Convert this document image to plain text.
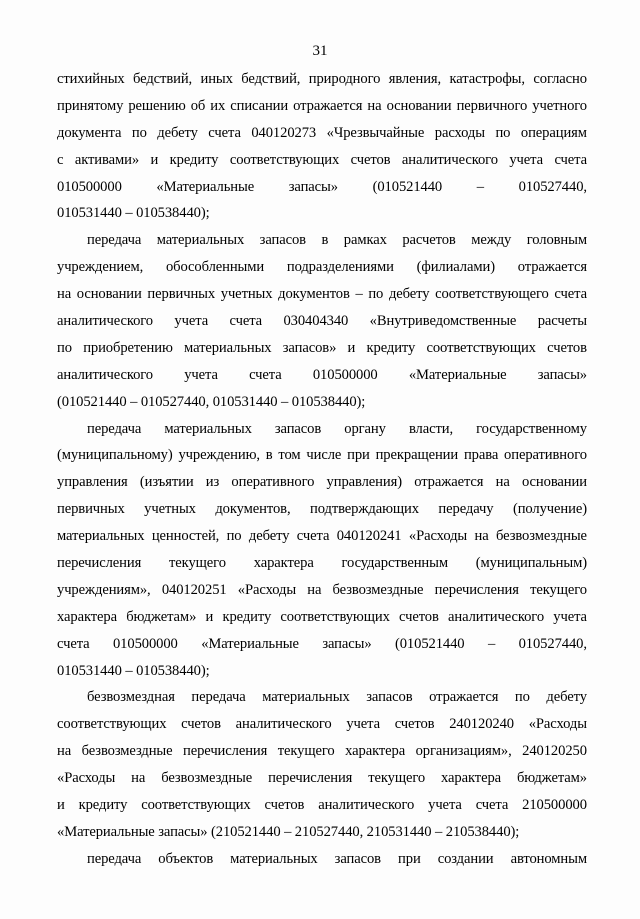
31
стихийных бедствий, иных бедствий, природного явления, катастрофы, согласно
принятому решению об их списании отражается на основании первичного учетного
документа по дебету счета 040120273 «Чрезвычайные расходы по операциям
с активами» и кредиту соответствующих счетов аналитического учета счета
010500000 «Материальные запасы» (010521440 – 010527440,
010531440 – 010538440);
передача материальных запасов в рамках расчетов между головным
учреждением, обособленными подразделениями (филиалами) отражается
на основании первичных учетных документов – по дебету соответствующего счета
аналитического учета счета 030404340 «Внутриведомственные расчеты
по приобретению материальных запасов» и кредиту соответствующих счетов
аналитического учета счета 010500000 «Материальные запасы»
(010521440 – 010527440, 010531440 – 010538440);
передача материальных запасов органу власти, государственному
(муниципальному) учреждению, в том числе при прекращении права оперативного
управления (изъятии из оперативного управления) отражается на основании
первичных учетных документов, подтверждающих передачу (получение)
материальных ценностей, по дебету счета 040120241 «Расходы на безвозмездные
перечисления текущего характера государственным (муниципальным)
учреждениям», 040120251 «Расходы на безвозмездные перечисления текущего
характера бюджетам» и кредиту соответствующих счетов аналитического учета
счета 010500000 «Материальные запасы» (010521440 – 010527440,
010531440 – 010538440);
безвозмездная передача материальных запасов отражается по дебету
соответствующих счетов аналитического учета счетов 240120240 «Расходы
на безвозмездные перечисления текущего характера организациям», 240120250
«Расходы на безвозмездные перечисления текущего характера бюджетам»
и кредиту соответствующих счетов аналитического учета счета 210500000
«Материальные запасы» (210521440 – 210527440, 210531440 – 210538440);
передача объектов материальных запасов при создании автономным
